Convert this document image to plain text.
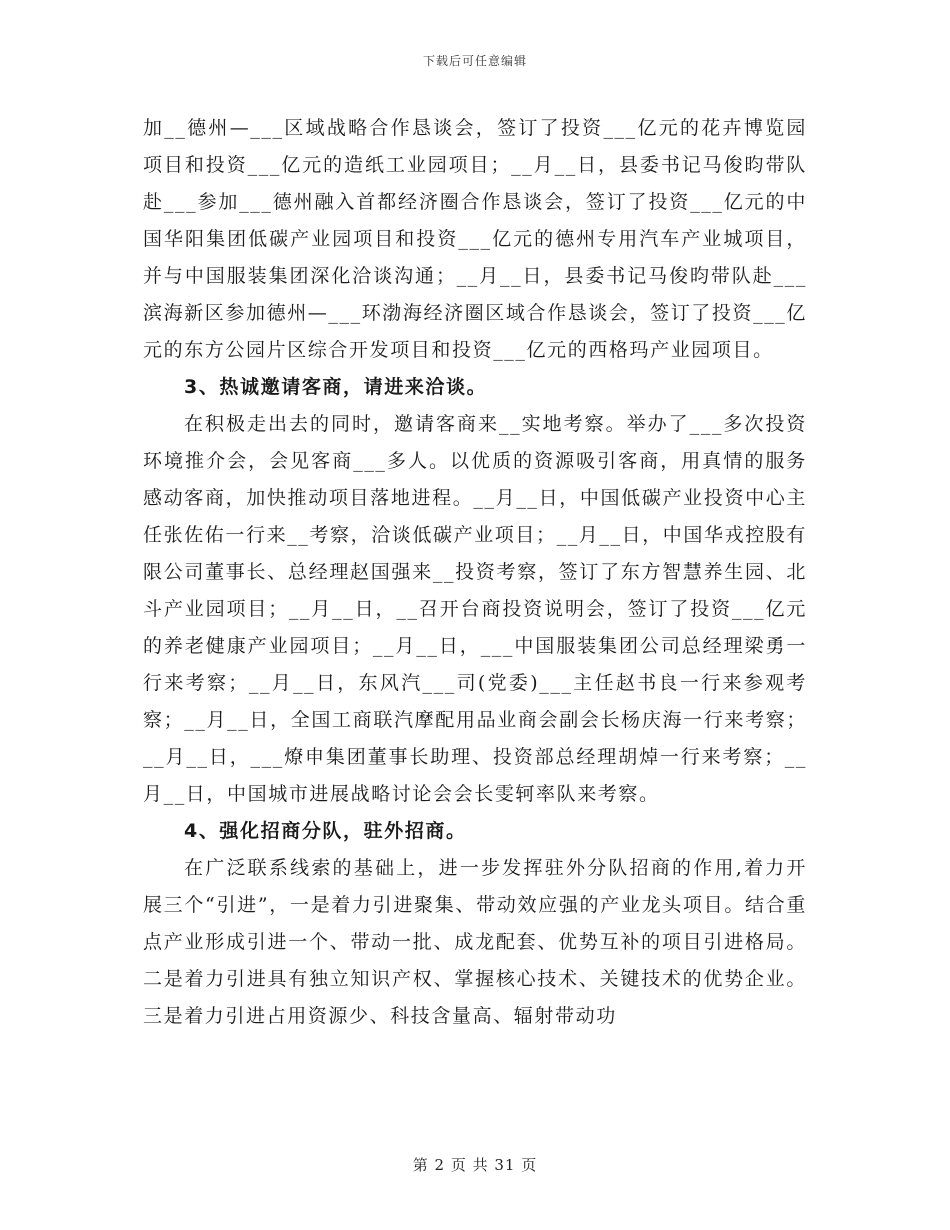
下载后可任意编辑

加__德州—___区域战略合作恳谈会，签订了投资___亿元的花卉博览园项目和投资___亿元的造纸工业园项目；__月__日，县委书记马俊昀带队赴___参加___德州融入首都经济圈合作恳谈会，签订了投资___亿元的中国华阳集团低碳产业园项目和投资___亿元的德州专用汽车产业城项目，并与中国服装集团深化洽谈沟通；__月__日，县委书记马俊昀带队赴___滨海新区参加德州—___环渤海经济圈区域合作恳谈会，签订了投资___亿元的东方公园片区综合开发项目和投资___亿元的西格玛产业园项目。

3、热诚邀请客商，请进来洽谈。

在积极走出去的同时，邀请客商来__实地考察。举办了___多次投资环境推介会，会见客商___多人。以优质的资源吸引客商，用真情的服务感动客商，加快推动项目落地进程。__月__日，中国低碳产业投资中心主任张佐佑一行来__考察，洽谈低碳产业项目；__月__日，中国华戎控股有限公司董事长、总经理赵国强来__投资考察，签订了东方智慧养生园、北斗产业园项目；__月__日，__召开台商投资说明会，签订了投资___亿元的养老健康产业园项目；__月__日，___中国服装集团公司总经理梁勇一行来考察；__月__日，东风汽___司(党委)___主任赵书良一行来参观考察；__月__日，全国工商联汽摩配用品业商会副会长杨庆海一行来考察；__月__日，___燎申集团董事长助理、投资部总经理胡焯一行来考察；__月__日，中国城市进展战略讨论会会长雯轲率队来考察。

4、强化招商分队，驻外招商。

在广泛联系线索的基础上，进一步发挥驻外分队招商的作用,着力开展三个“引进”，一是着力引进聚集、带动效应强的产业龙头项目。结合重点产业形成引进一个、带动一批、成龙配套、优势互补的项目引进格局。二是着力引进具有独立知识产权、掌握核心技术、关键技术的优势企业。三是着力引进占用资源少、科技含量高、辐射带动功

第 2 页 共 31 页
